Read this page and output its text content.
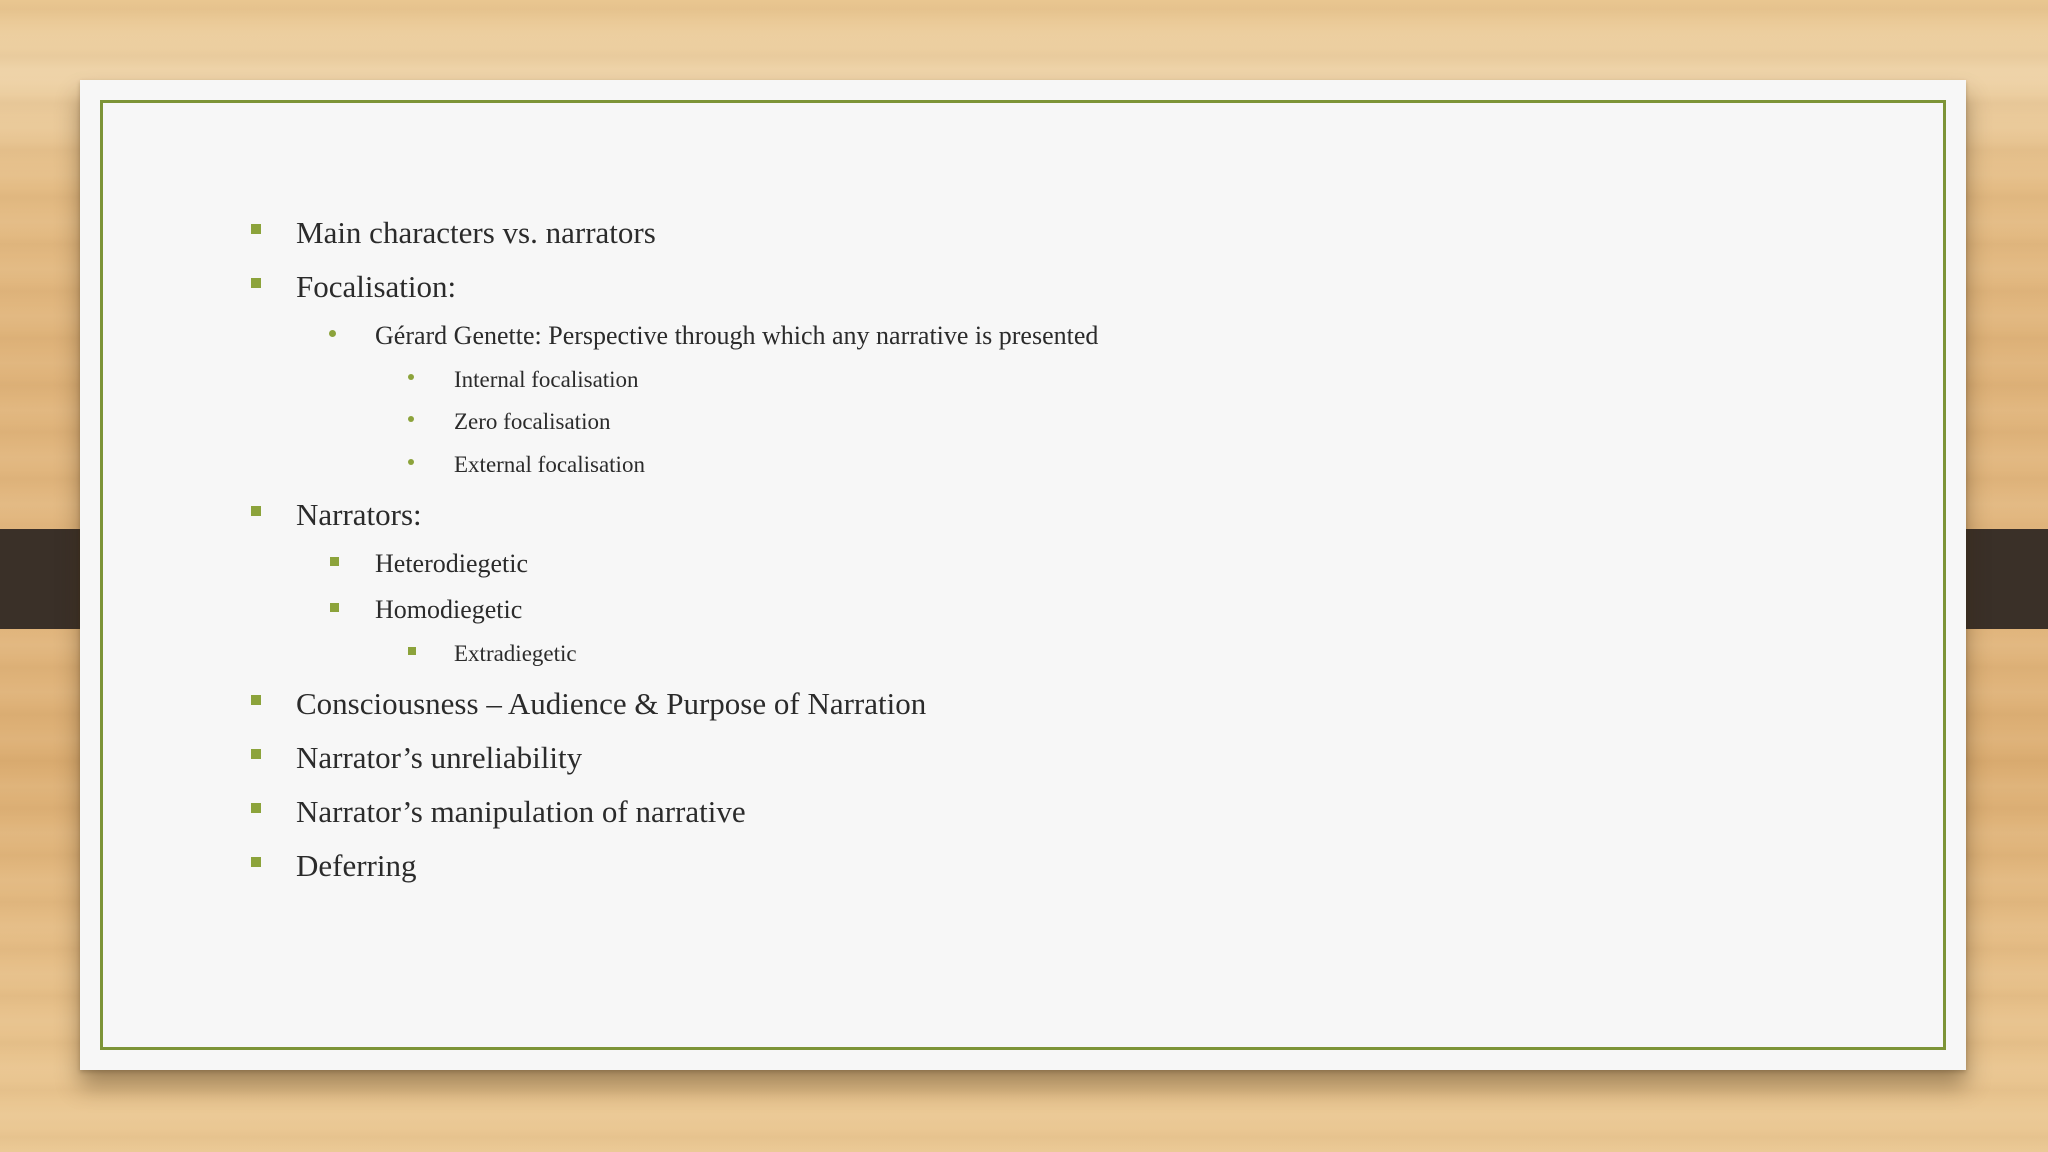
Main characters vs. narrators
Focalisation:
Gérard Genette: Perspective through which any narrative is presented
Internal focalisation
Zero focalisation
External focalisation
Narrators:
Heterodiegetic
Homodiegetic
Extradiegetic
Consciousness – Audience & Purpose of Narration
Narrator’s unreliability
Narrator’s manipulation of narrative
Deferring
